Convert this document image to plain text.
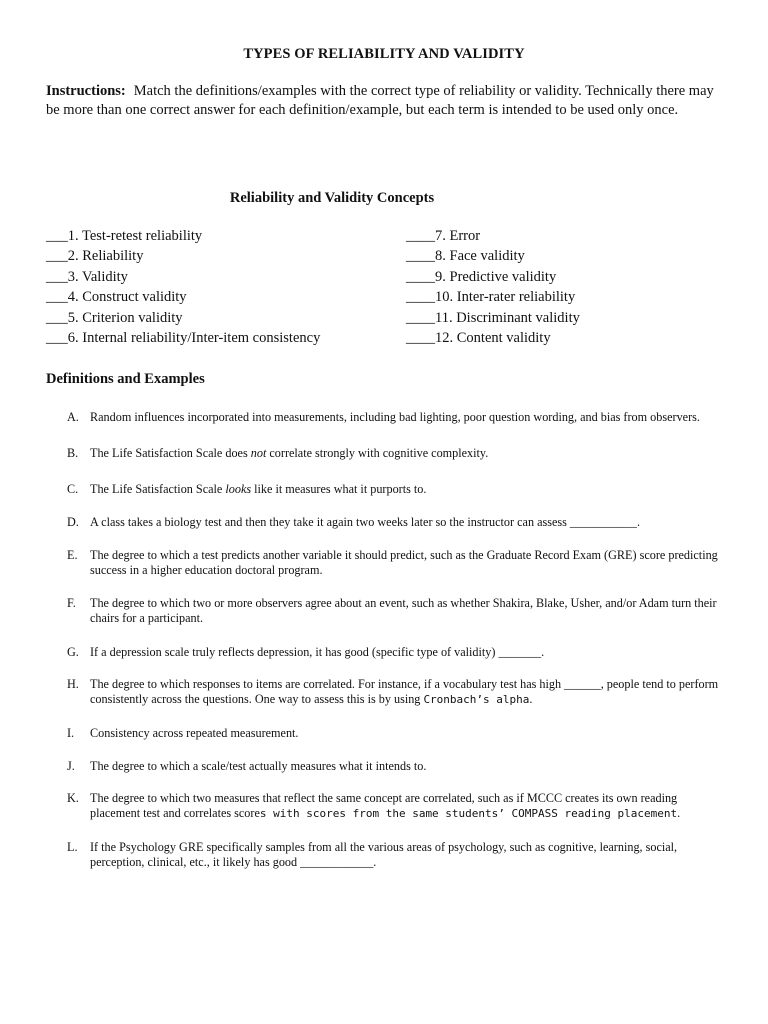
TYPES OF RELIABILITY AND VALIDITY
Instructions: Match the definitions/examples with the correct type of reliability or validity. Technically there may be more than one correct answer for each definition/example, but each term is intended to be used only once.
Reliability and Validity Concepts
___1. Test-retest reliability
___2. Reliability
___3. Validity
___4. Construct validity
___5. Criterion validity
___6. Internal reliability/Inter-item consistency
____7. Error
____8. Face validity
____9. Predictive validity
____10. Inter-rater reliability
____11. Discriminant validity
____12. Content validity
Definitions and Examples
A. Random influences incorporated into measurements, including bad lighting, poor question wording, and bias from observers.
B. The Life Satisfaction Scale does not correlate strongly with cognitive complexity.
C. The Life Satisfaction Scale looks like it measures what it purports to.
D. A class takes a biology test and then they take it again two weeks later so the instructor can assess ___________.
E. The degree to which a test predicts another variable it should predict, such as the Graduate Record Exam (GRE) score predicting success in a higher education doctoral program.
F. The degree to which two or more observers agree about an event, such as whether Shakira, Blake, Usher, and/or Adam turn their chairs for a participant.
G. If a depression scale truly reflects depression, it has good (specific type of validity) _______.
H. The degree to which responses to items are correlated. For instance, if a vocabulary test has high ______, people tend to perform consistently across the questions. One way to assess this is by using Cronbach’s alpha.
I. Consistency across repeated measurement.
J. The degree to which a scale/test actually measures what it intends to.
K. The degree to which two measures that reflect the same concept are correlated, such as if MCCC creates its own reading placement test and correlates scores with scores from the same students’ COMPASS reading placement.
L. If the Psychology GRE specifically samples from all the various areas of psychology, such as cognitive, learning, social, perception, clinical, etc., it likely has good ____________.
